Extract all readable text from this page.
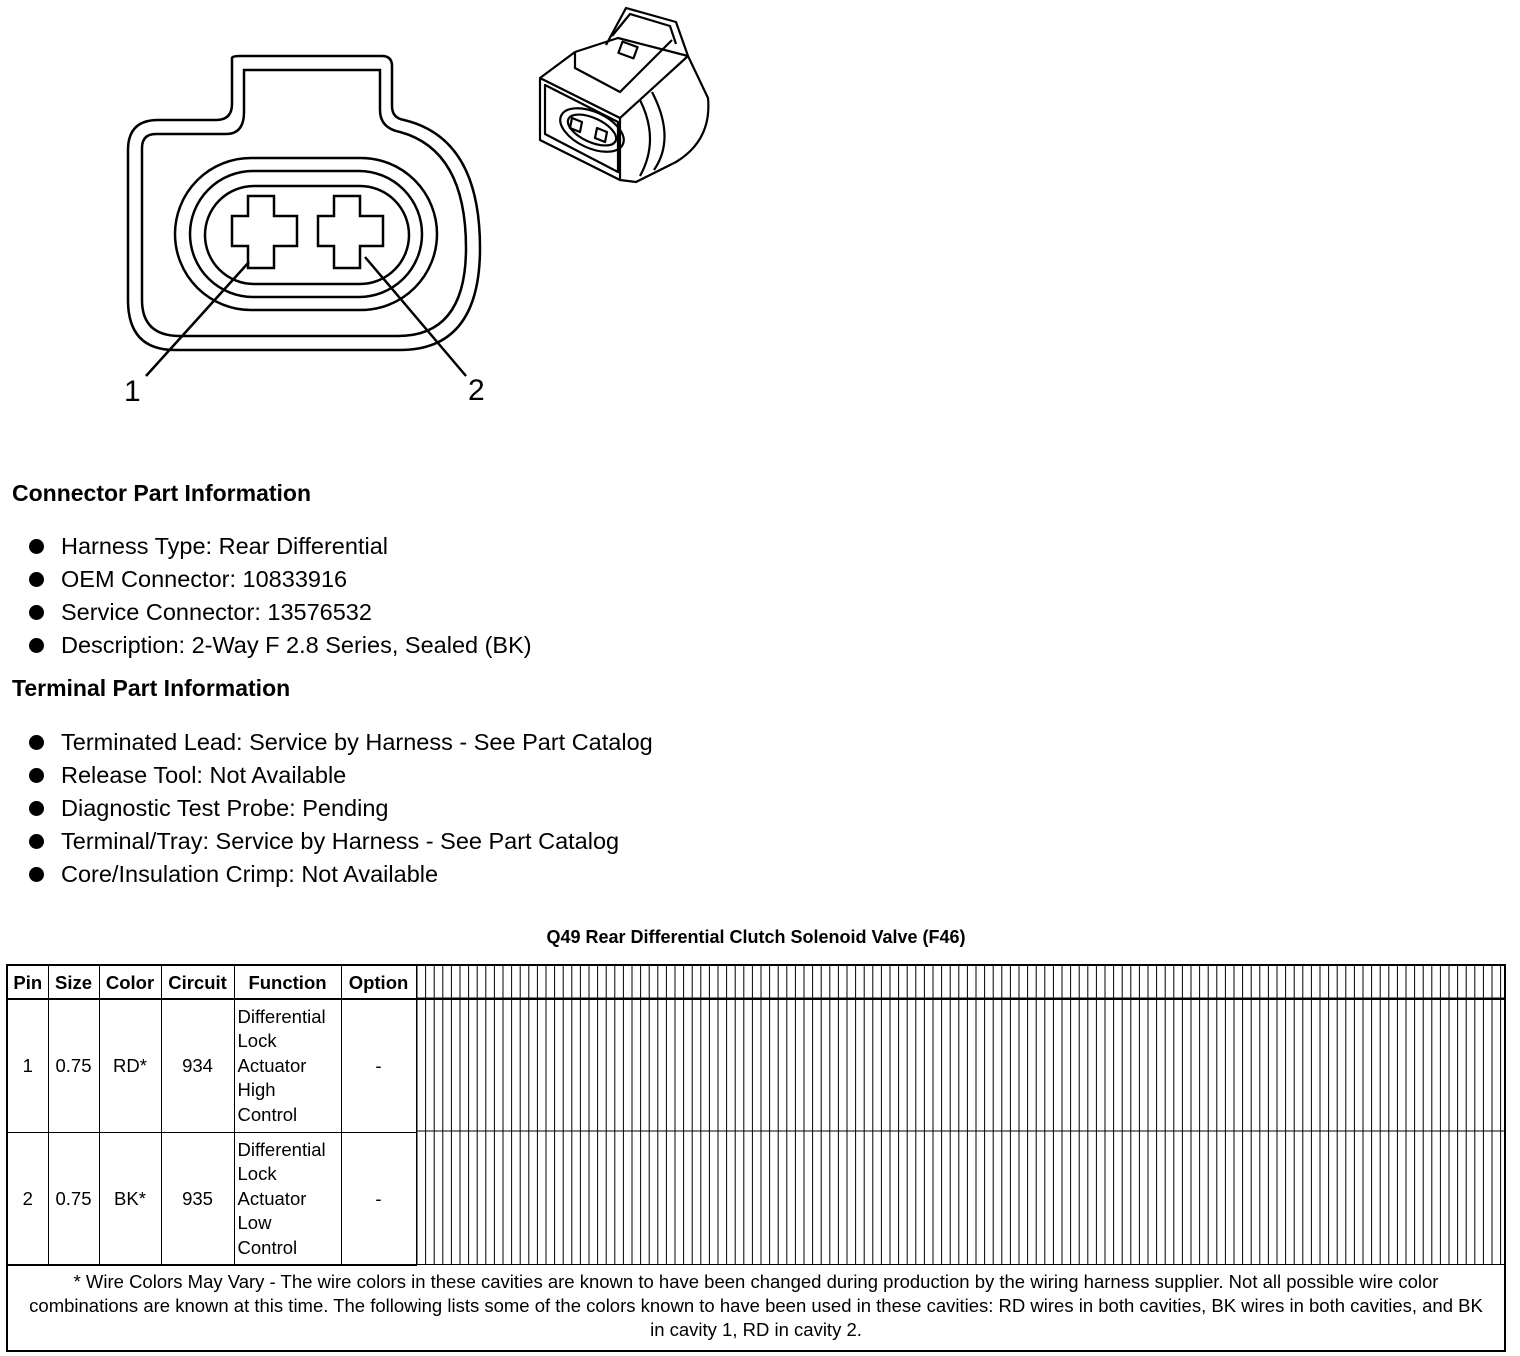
1	2
Connector Part Information
Harness Type: Rear Differential
OEM Connector: 10833916
Service Connector: 13576532
Description: 2-Way F 2.8 Series, Sealed (BK)
Terminal Part Information
Terminated Lead: Service by Harness - See Part Catalog
Release Tool: Not Available
Diagnostic Test Probe: Pending
Terminal/Tray: Service by Harness - See Part Catalog
Core/Insulation Crimp: Not Available
Q49 Rear Differential Clutch Solenoid Valve (F46)
Pin	Size	Color	Circuit	Function	Option
1	0.75	RD*	934	Differential
Lock
Actuator
High
Control	-
2	0.75	BK*	935	Differential
Lock
Actuator
Low
Control	-
* Wire Colors May Vary - The wire colors in these cavities are known to have been changed during production by the wiring harness supplier. Not all possible wire color combinations are known at this time. The following lists some of the colors known to have been used in these cavities: RD wires in both cavities, BK wires in both cavities, and BK in cavity 1, RD in cavity 2.
